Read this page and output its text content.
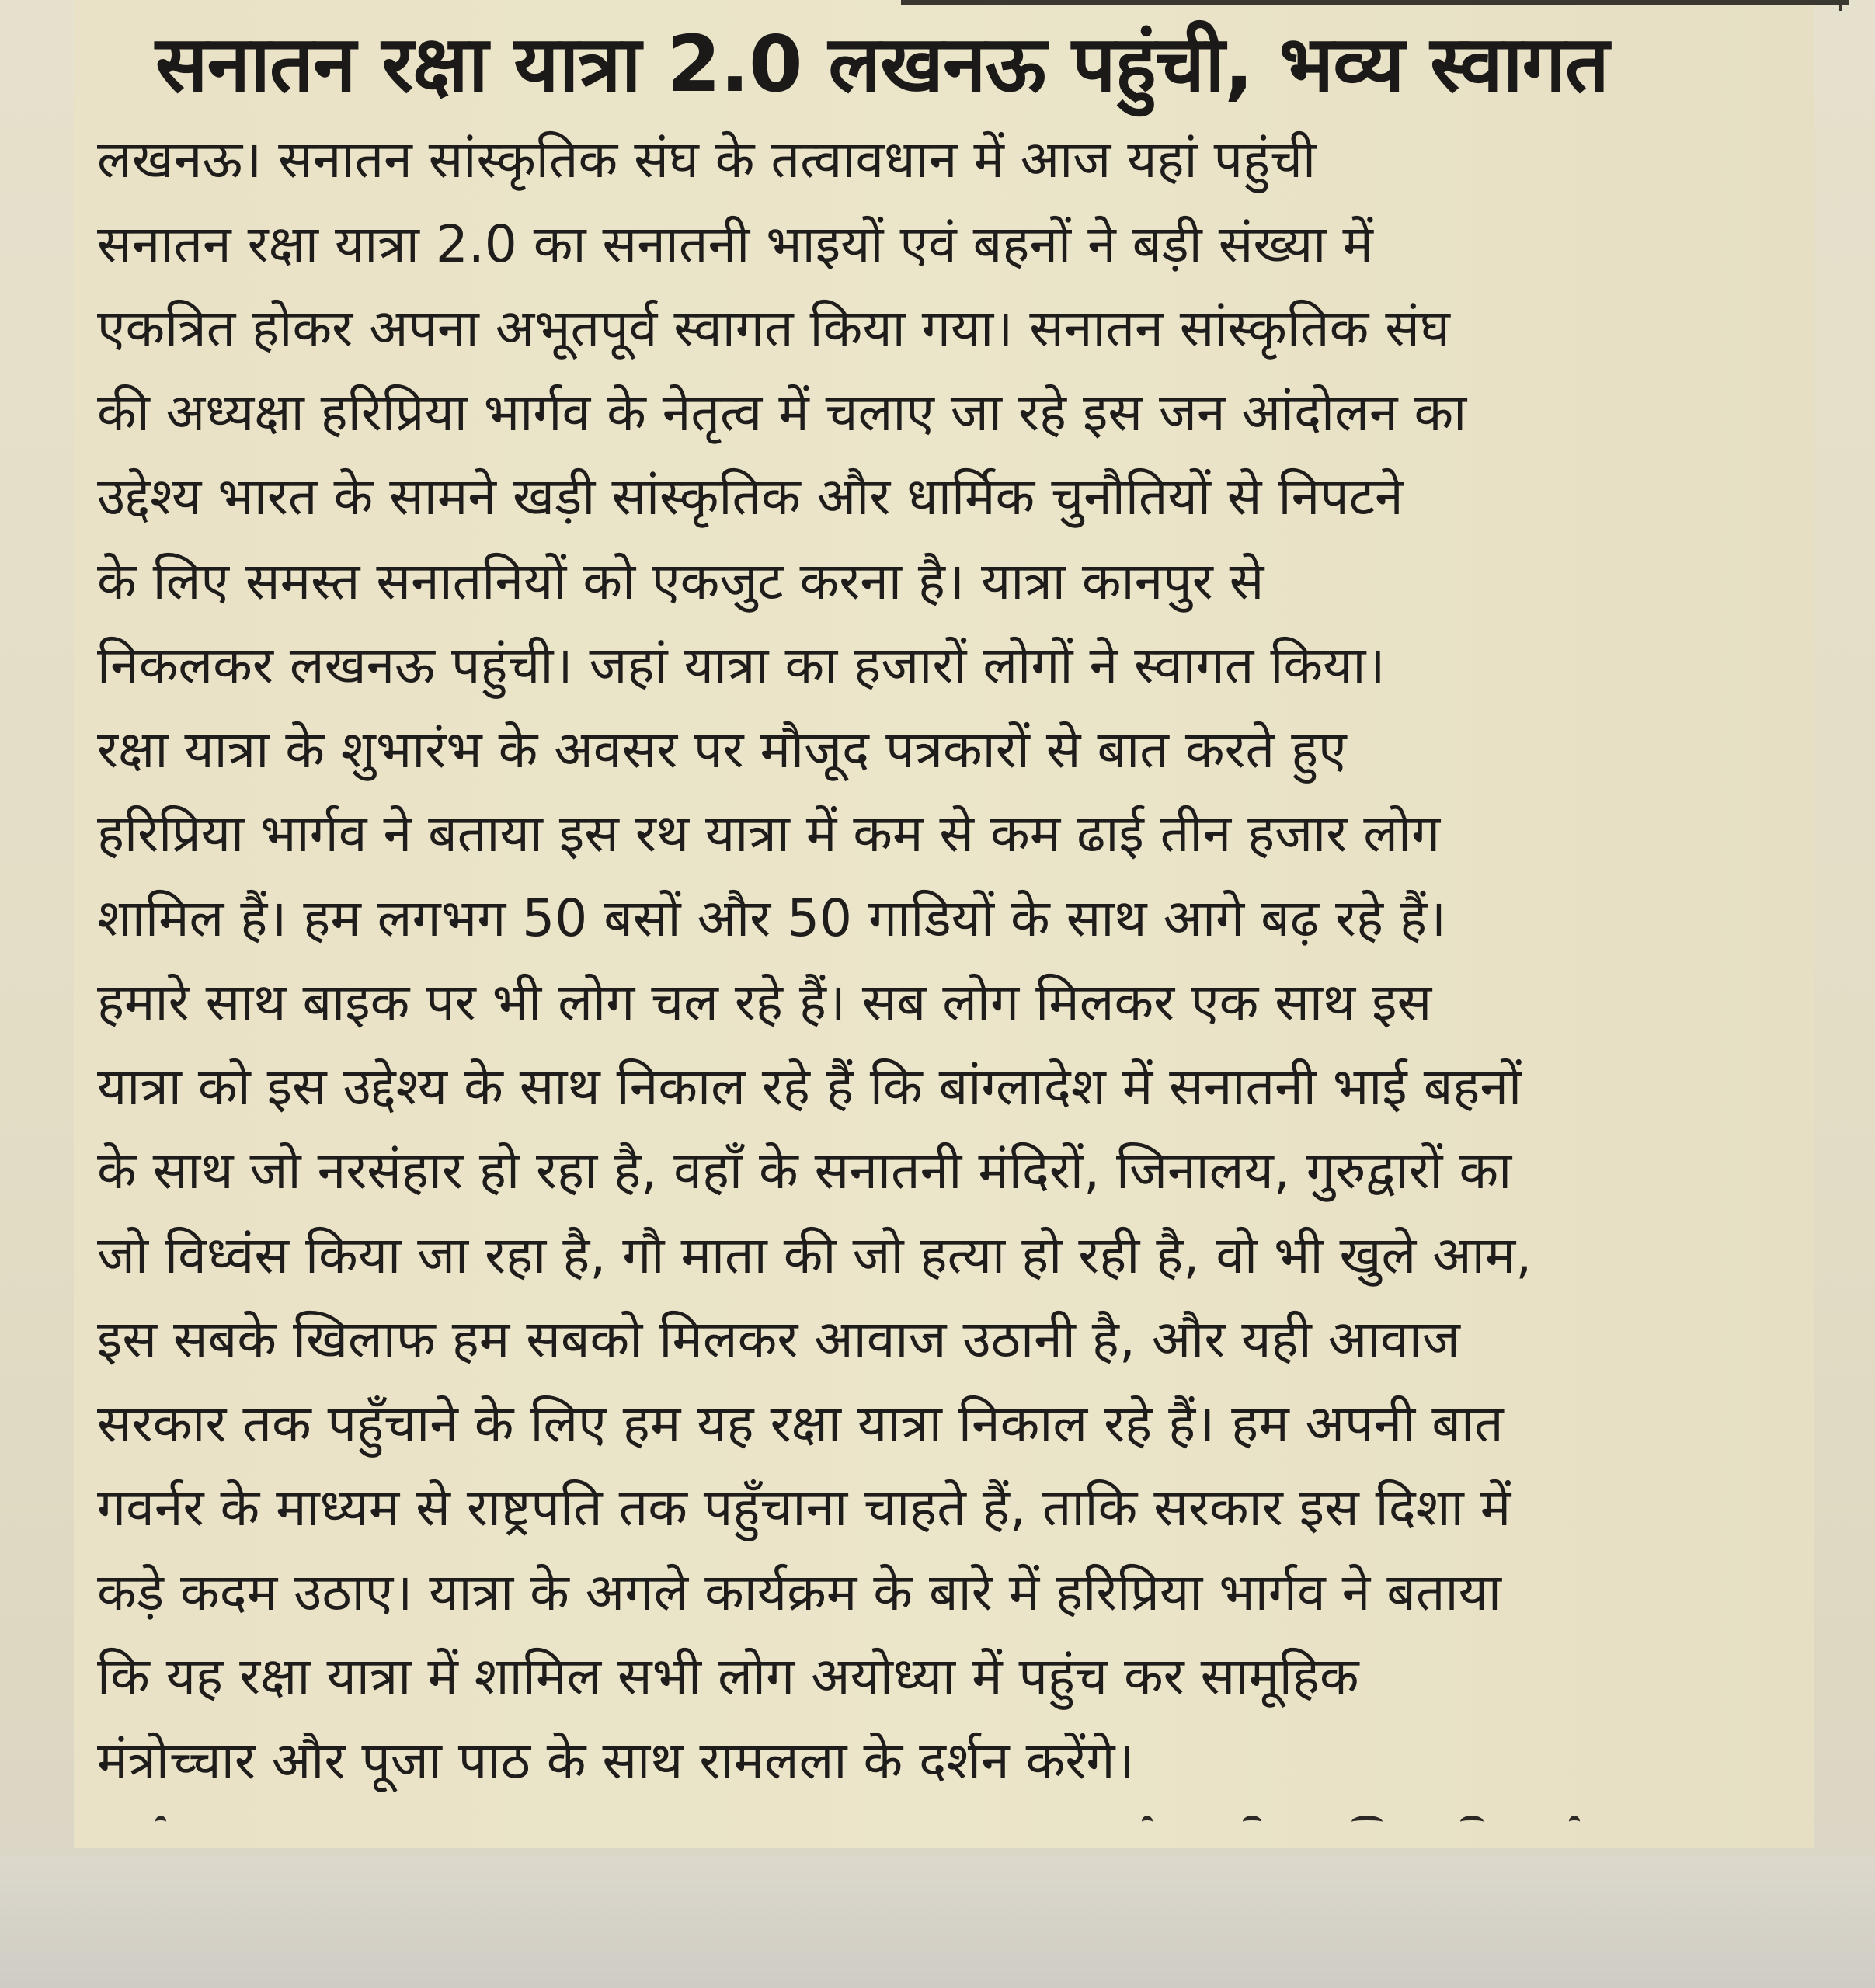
सनातन रक्षा यात्रा 2.0 लखनऊ पहुंची, भव्य स्वागत
लखनऊ। सनातन सांस्कृतिक संघ के तत्वावधान में आज यहां पहुंची
सनातन रक्षा यात्रा 2.0 का सनातनी भाइयों एवं बहनों ने बड़ी संख्या में
एकत्रित होकर अपना अभूतपूर्व स्वागत किया गया। सनातन सांस्कृतिक संघ
की अध्यक्षा हरिप्रिया भार्गव के नेतृत्व में चलाए जा रहे इस जन आंदोलन का
उद्देश्य भारत के सामने खड़ी सांस्कृतिक और धार्मिक चुनौतियों से निपटने
के लिए समस्त सनातनियों को एकजुट करना है। यात्रा कानपुर से
निकलकर लखनऊ पहुंची। जहां यात्रा का हजारों लोगों ने स्वागत किया।
रक्षा यात्रा के शुभारंभ के अवसर पर मौजूद पत्रकारों से बात करते हुए
हरिप्रिया भार्गव ने बताया इस रथ यात्रा में कम से कम ढाई तीन हजार लोग
शामिल हैं। हम लगभग 50 बसों और 50 गाडियों के साथ आगे बढ़ रहे हैं।
हमारे साथ बाइक पर भी लोग चल रहे हैं। सब लोग मिलकर एक साथ इस
यात्रा को इस उद्देश्य के साथ निकाल रहे हैं कि बांग्लादेश में सनातनी भाई बहनों
के साथ जो नरसंहार हो रहा है, वहाँ के सनातनी मंदिरों, जिनालय, गुरुद्वारों का
जो विध्वंस किया जा रहा है, गौ माता की जो हत्या हो रही है, वो भी खुले आम,
इस सबके खिलाफ हम सबको मिलकर आवाज उठानी है, और यही आवाज
सरकार तक पहुँचाने के लिए हम यह रक्षा यात्रा निकाल रहे हैं। हम अपनी बात
गवर्नर के माध्यम से राष्ट्रपति तक पहुँचाना चाहते हैं, ताकि सरकार इस दिशा में
कड़े कदम उठाए। यात्रा के अगले कार्यक्रम के बारे में हरिप्रिया भार्गव ने बताया
कि यह रक्षा यात्रा में शामिल सभी लोग अयोध्या में पहुंच कर सामूहिक
मंत्रोच्चार और पूजा पाठ के साथ रामलला के दर्शन करेंगे।
